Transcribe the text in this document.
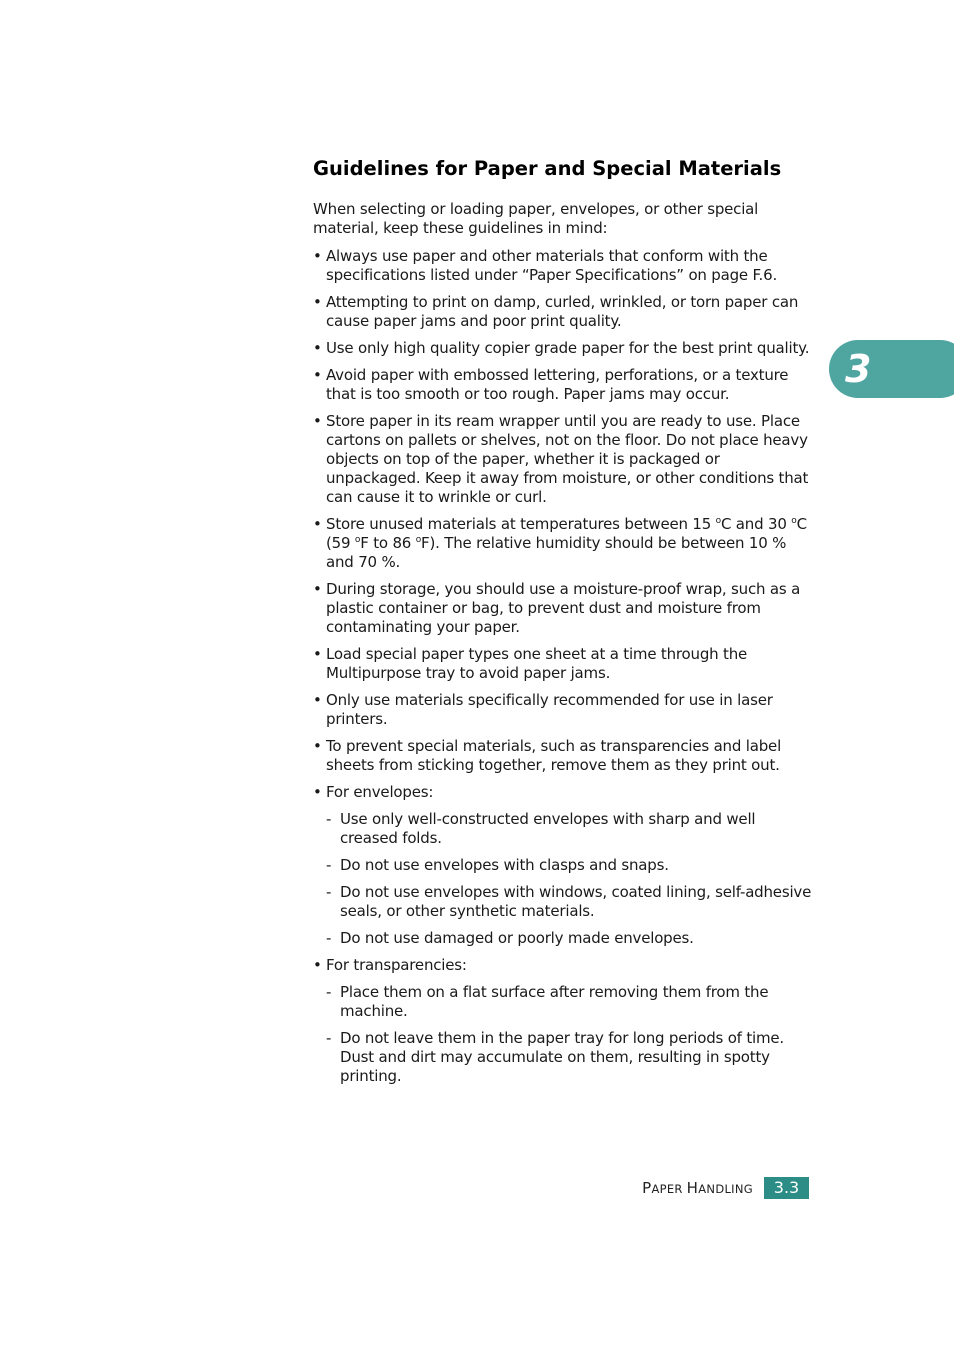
3
Guidelines for Paper and Special Materials

When selecting or loading paper, envelopes, or other special material, keep these guidelines in mind:

• Always use paper and other materials that conform with the specifications listed under “Paper Specifications” on page F.6.
• Attempting to print on damp, curled, wrinkled, or torn paper can cause paper jams and poor print quality.
• Use only high quality copier grade paper for the best print quality.
• Avoid paper with embossed lettering, perforations, or a texture that is too smooth or too rough. Paper jams may occur.
• Store paper in its ream wrapper until you are ready to use. Place cartons on pallets or shelves, not on the floor. Do not place heavy objects on top of the paper, whether it is packaged or unpackaged. Keep it away from moisture, or other conditions that can cause it to wrinkle or curl.
• Store unused materials at temperatures between 15 $^o$C and 30 $^o$C (59 $^o$F to 86 $^o$F). The relative humidity should be between 10 % and 70 %.
• During storage, you should use a moisture-proof wrap, such as a plastic container or bag, to prevent dust and moisture from contaminating your paper.
• Load special paper types one sheet at a time through the Multipurpose tray to avoid paper jams.
• Only use materials specifically recommended for use in laser printers.
• To prevent special materials, such as transparencies and label sheets from sticking together, remove them as they print out.
• For envelopes:
- Use only well-constructed envelopes with sharp and well creased folds.
- Do not use envelopes with clasps and snaps.
- Do not use envelopes with windows, coated lining, self-adhesive seals, or other synthetic materials.
- Do not use damaged or poorly made envelopes.
• For transparencies:
- Place them on a flat surface after removing them from the machine.
- Do not leave them in the paper tray for long periods of time. Dust and dirt may accumulate on them, resulting in spotty printing.
PAPER HANDLING	3.3
